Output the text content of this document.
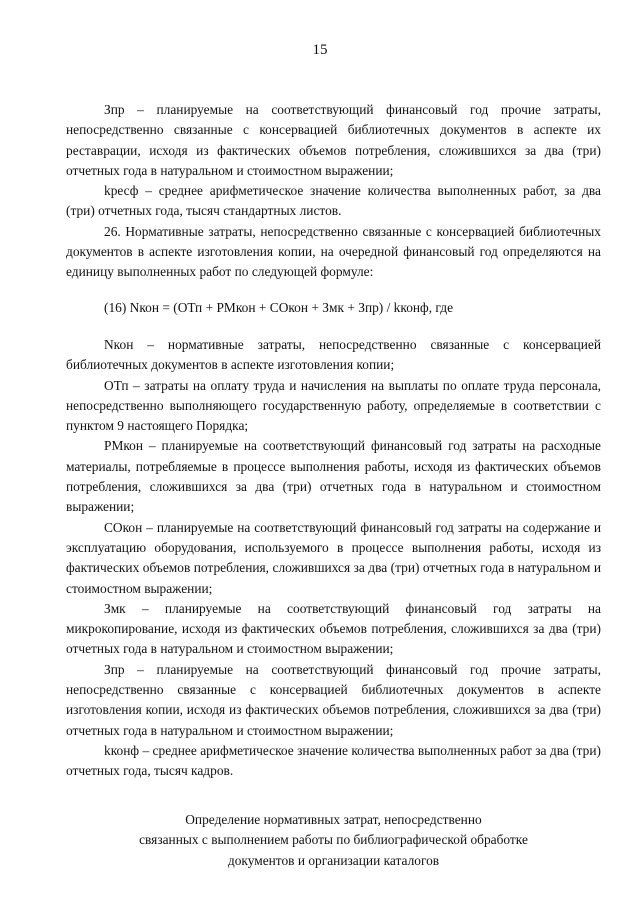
15

Зпр – планируемые на соответствующий финансовый год прочие затраты, непосредственно связанные с консервацией библиотечных документов в аспекте их реставрации, исходя из фактических объемов потребления, сложившихся за два (три) отчетных года в натуральном и стоимостном выражении;

kресф – среднее арифметическое значение количества выполненных работ, за два (три) отчетных года, тысяч стандартных листов.

26. Нормативные затраты, непосредственно связанные с консервацией библиотечных документов в аспекте изготовления копии, на очередной финансовый год определяются на единицу выполненных работ по следующей формуле:

(16) Nкон = (ОТп + РМкон + СОкон + Змк + Зпр) / kконф, где

Nкон – нормативные затраты, непосредственно связанные с консервацией библиотечных документов в аспекте изготовления копии;

ОТп – затраты на оплату труда и начисления на выплаты по оплате труда персонала, непосредственно выполняющего государственную работу, определяемые в соответствии с пунктом 9 настоящего Порядка;

РМкон – планируемые на соответствующий финансовый год затраты на расходные материалы, потребляемые в процессе выполнения работы, исходя из фактических объемов потребления, сложившихся за два (три) отчетных года в натуральном и стоимостном выражении;

СОкон – планируемые на соответствующий финансовый год затраты на содержание и эксплуатацию оборудования, используемого в процессе выполнения работы, исходя из фактических объемов потребления, сложившихся за два (три) отчетных года в натуральном и стоимостном выражении;

Змк – планируемые на соответствующий финансовый год затраты на микрокопирование, исходя из фактических объемов потребления, сложившихся за два (три) отчетных года в натуральном и стоимостном выражении;

Зпр – планируемые на соответствующий финансовый год прочие затраты, непосредственно связанные с консервацией библиотечных документов в аспекте изготовления копии, исходя из фактических объемов потребления, сложившихся за два (три) отчетных года в натуральном и стоимостном выражении;

kконф – среднее арифметическое значение количества выполненных работ за два (три) отчетных года, тысяч кадров.

Определение нормативных затрат, непосредственно
связанных с выполнением работы по библиографической обработке
документов и организации каталогов
